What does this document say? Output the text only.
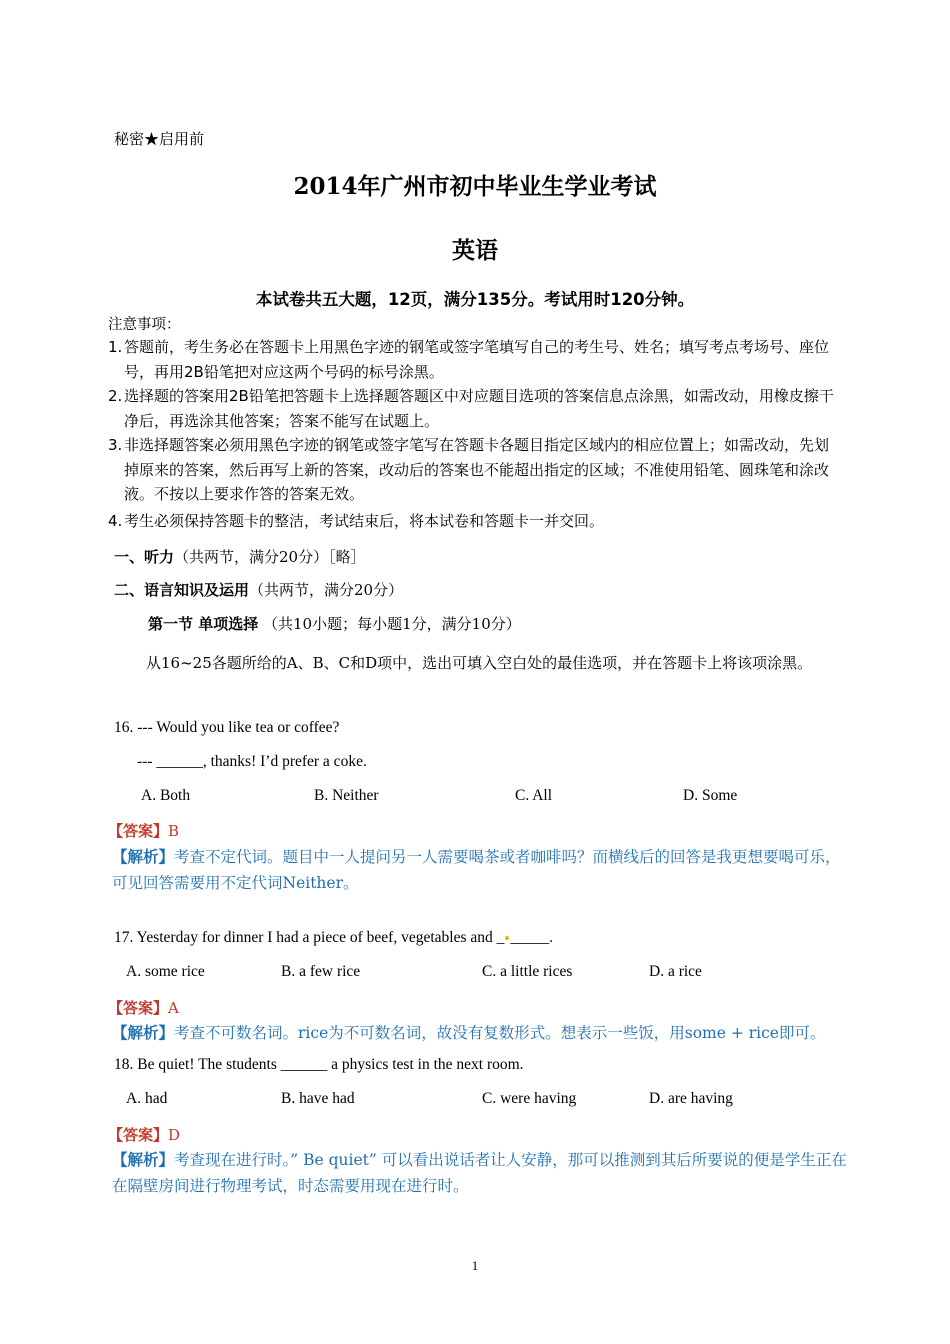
秘密★启用前
2014年广州市初中毕业生学业考试
英语
本试卷共五大题，12页，满分135分。考试用时120分钟。
注意事项：
1. 答题前，考生务必在答题卡上用黑色字迹的钢笔或签字笔填写自己的考生号、姓名；填写考点考场号、座位号，再用2B铅笔把对应这两个号码的标号涂黑。
2. 选择题的答案用2B铅笔把答题卡上选择题答题区中对应题目选项的答案信息点涂黑，如需改动，用橡皮擦干净后，再选涂其他答案；答案不能写在试题上。
3. 非选择题答案必须用黑色字迹的钢笔或签字笔写在答题卡各题目指定区域内的相应位置上；如需改动，先划掉原来的答案，然后再写上新的答案，改动后的答案也不能超出指定的区域；不准使用铅笔、圆珠笔和涂改液。不按以上要求作答的答案无效。
4. 考生必须保持答题卡的整洁，考试结束后，将本试卷和答题卡一并交回。
一、听力（共两节，满分20分）［略］
二、语言知识及运用（共两节，满分20分）
第一节 单项选择 （共10小题；每小题1分，满分10分）
从16~25各题所给的A、B、C和D项中，选出可填入空白处的最佳选项，并在答题卡上将该项涂黑。
16. --- Would you like tea or coffee?
--- ______, thanks! I’d prefer a coke.
A. Both	B. Neither	C. All	D. Some
【答案】B
【解析】考查不定代词。题目中一人提问另一人需要喝茶或者咖啡吗？而横线后的回答是我更想要喝可乐，可见回答需要用不定代词Neither。
17. Yesterday for dinner I had a piece of beef, vegetables and _ _____.
A. some rice	B. a few rice	C. a little rices	D. a rice
【答案】A
【解析】考查不可数名词。rice为不可数名词，故没有复数形式。想表示一些饭，用some + rice即可。
18. Be quiet! The students ______ a physics test in the next room.
A. had	B. have had	C. were having	D. are having
【答案】D
【解析】考查现在进行时。” Be quiet” 可以看出说话者让人安静，那可以推测到其后所要说的便是学生正在在隔壁房间进行物理考试，时态需要用现在进行时。
1
